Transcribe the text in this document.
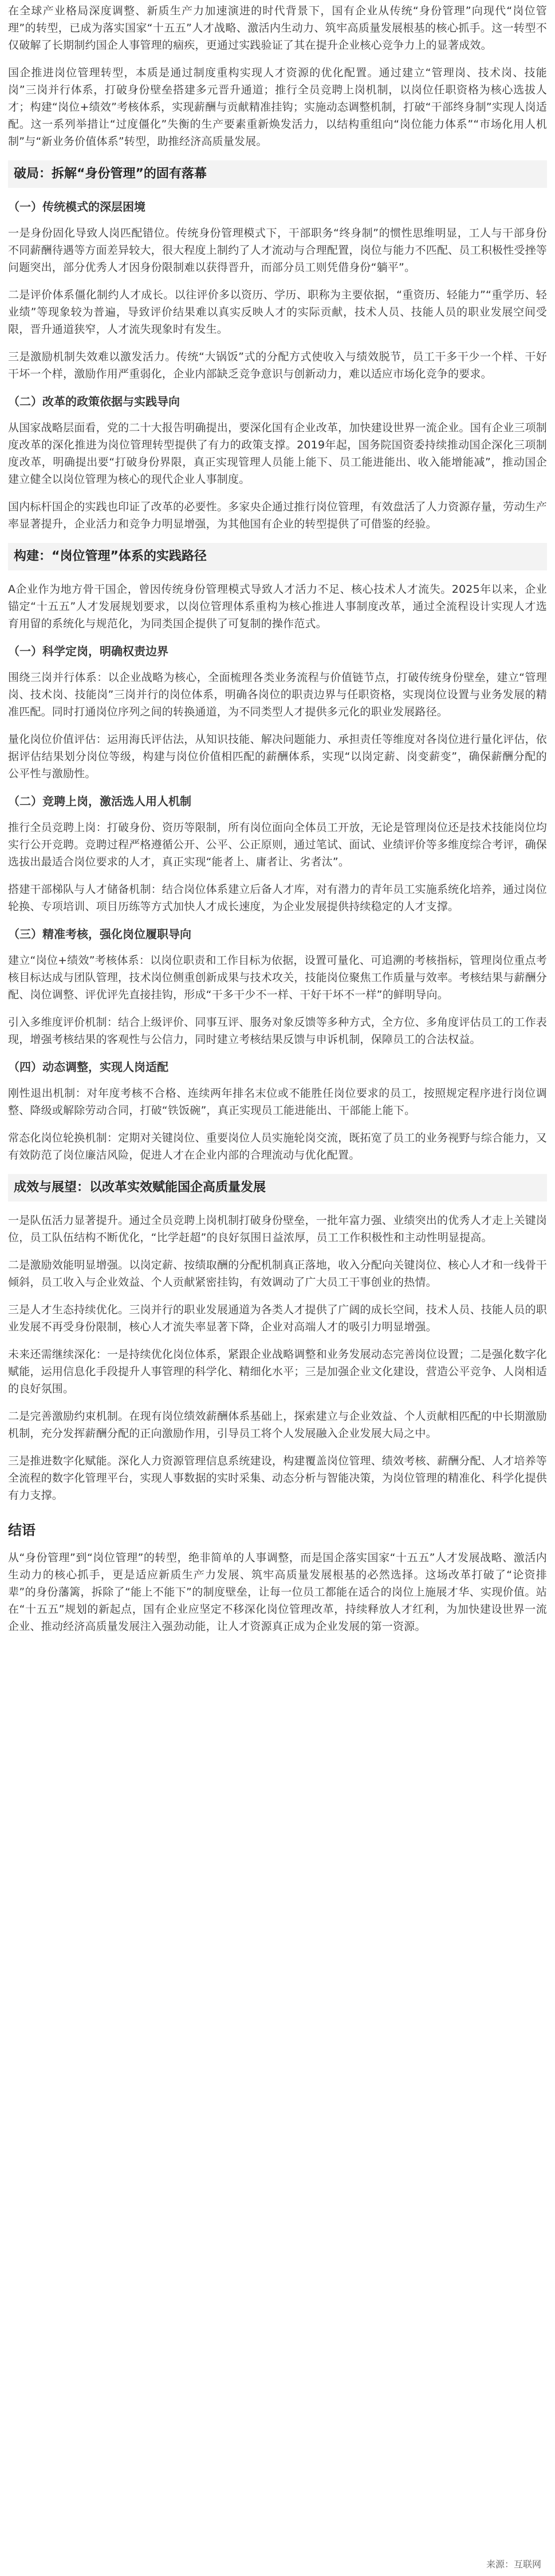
在全球产业格局深度调整、新质生产力加速演进的时代背景下，国有企业从传统“身份管理”向现代“岗位管理”的转型，已成为落实国家“十五五”人才战略、激活内生动力、筑牢高质量发展根基的核心抓手。这一转型不仅破解了长期制约国企人事管理的痼疾，更通过实践验证了其在提升企业核心竞争力上的显著成效。

国企推进岗位管理转型，本质是通过制度重构实现人才资源的优化配置。通过建立“管理岗、技术岗、技能岗”三岗并行体系，打破身份壁垒搭建多元晋升通道；推行全员竞聘上岗机制，以岗位任职资格为核心选拔人才；构建“岗位+绩效”考核体系，实现薪酬与贡献精准挂钩；实施动态调整机制，打破“干部终身制”实现人岗适配。这一系列举措让“过度僵化”失衡的生产要素重新焕发活力，以结构重组向“岗位能力体系”“市场化用人机制”与“新业务价值体系”转型，助推经济高质量发展。

破局：拆解“身份管理”的固有落幕
（一）传统模式的深层困境

一是身份固化导致人岗匹配错位。传统身份管理模式下，干部职务“终身制”的惯性思维明显，工人与干部身份不同薪酬待遇等方面差异较大，很大程度上制约了人才流动与合理配置，岗位与能力不匹配、员工积极性受挫等问题突出，部分优秀人才因身份限制难以获得晋升，而部分员工则凭借身份“躺平”。

二是评价体系僵化制约人才成长。以往评价多以资历、学历、职称为主要依据，“重资历、轻能力”“重学历、轻业绩”等现象较为普遍，导致评价结果难以真实反映人才的实际贡献，技术人员、技能人员的职业发展空间受限，晋升通道狭窄，人才流失现象时有发生。

三是激励机制失效难以激发活力。传统“大锅饭”式的分配方式使收入与绩效脱节，员工干多干少一个样、干好干坏一个样，激励作用严重弱化，企业内部缺乏竞争意识与创新动力，难以适应市场化竞争的要求。

（二）改革的政策依据与实践导向

从国家战略层面看，党的二十大报告明确提出，要深化国有企业改革，加快建设世界一流企业。国有企业三项制度改革的深化推进为岗位管理转型提供了有力的政策支撑。2019年起，国务院国资委持续推动国企深化三项制度改革，明确提出要“打破身份界限，真正实现管理人员能上能下、员工能进能出、收入能增能减”，推动国企建立健全以岗位管理为核心的现代企业人事制度。

国内标杆国企的实践也印证了改革的必要性。多家央企通过推行岗位管理，有效盘活了人力资源存量，劳动生产率显著提升，企业活力和竞争力明显增强，为其他国有企业的转型提供了可借鉴的经验。

构建：“岗位管理”体系的实践路径

A企业作为地方骨干国企，曾因传统身份管理模式导致人才活力不足、核心技术人才流失。2025年以来，企业锚定“十五五”人才发展规划要求，以岗位管理体系重构为核心推进人事制度改革，通过全流程设计实现人才选育用留的系统化与规范化，为同类国企提供了可复制的操作范式。

（一）科学定岗，明确权责边界

围绕三岗并行体系：以企业战略为核心，全面梳理各类业务流程与价值链节点，打破传统身份壁垒，建立“管理岗、技术岗、技能岗”三岗并行的岗位体系，明确各岗位的职责边界与任职资格，实现岗位设置与业务发展的精准匹配。同时打通岗位序列之间的转换通道，为不同类型人才提供多元化的职业发展路径。

量化岗位价值评估：运用海氏评估法，从知识技能、解决问题能力、承担责任等维度对各岗位进行量化评估，依据评估结果划分岗位等级，构建与岗位价值相匹配的薪酬体系，实现“以岗定薪、岗变薪变”，确保薪酬分配的公平性与激励性。

（二）竞聘上岗，激活选人用人机制

推行全员竞聘上岗：打破身份、资历等限制，所有岗位面向全体员工开放，无论是管理岗位还是技术技能岗位均实行公开竞聘。竞聘过程严格遵循公开、公平、公正原则，通过笔试、面试、业绩评价等多维度综合考评，确保选拔出最适合岗位要求的人才，真正实现“能者上、庸者让、劣者汰”。

搭建干部梯队与人才储备机制：结合岗位体系建立后备人才库，对有潜力的青年员工实施系统化培养，通过岗位轮换、专项培训、项目历练等方式加快人才成长速度，为企业发展提供持续稳定的人才支撑。

（三）精准考核，强化岗位履职导向

建立“岗位+绩效”考核体系：以岗位职责和工作目标为依据，设置可量化、可追溯的考核指标，管理岗位重点考核目标达成与团队管理，技术岗位侧重创新成果与技术攻关，技能岗位聚焦工作质量与效率。考核结果与薪酬分配、岗位调整、评优评先直接挂钩，形成“干多干少不一样、干好干坏不一样”的鲜明导向。

引入多维度评价机制：结合上级评价、同事互评、服务对象反馈等多种方式，全方位、多角度评估员工的工作表现，增强考核结果的客观性与公信力，同时建立考核结果反馈与申诉机制，保障员工的合法权益。

（四）动态调整，实现人岗适配

刚性退出机制：对年度考核不合格、连续两年排名末位或不能胜任岗位要求的员工，按照规定程序进行岗位调整、降级或解除劳动合同，打破“铁饭碗”，真正实现员工能进能出、干部能上能下。

常态化岗位轮换机制：定期对关键岗位、重要岗位人员实施轮岗交流，既拓宽了员工的业务视野与综合能力，又有效防范了岗位廉洁风险，促进人才在企业内部的合理流动与优化配置。

成效与展望：以改革实效赋能国企高质量发展

一是队伍活力显著提升。通过全员竞聘上岗机制打破身份壁垒，一批年富力强、业绩突出的优秀人才走上关键岗位，员工队伍结构不断优化，“比学赶超”的良好氛围日益浓厚，员工工作积极性和主动性明显提高。

二是激励效能明显增强。以岗定薪、按绩取酬的分配机制真正落地，收入分配向关键岗位、核心人才和一线骨干倾斜，员工收入与企业效益、个人贡献紧密挂钩，有效调动了广大员工干事创业的热情。

三是人才生态持续优化。三岗并行的职业发展通道为各类人才提供了广阔的成长空间，技术人员、技能人员的职业发展不再受身份限制，核心人才流失率显著下降，企业对高端人才的吸引力明显增强。

未来还需继续深化：一是持续优化岗位体系，紧跟企业战略调整和业务发展动态完善岗位设置；二是强化数字化赋能，运用信息化手段提升人事管理的科学化、精细化水平；三是加强企业文化建设，营造公平竞争、人岗相适的良好氛围。

二是完善激励约束机制。在现有岗位绩效薪酬体系基础上，探索建立与企业效益、个人贡献相匹配的中长期激励机制，充分发挥薪酬分配的正向激励作用，引导员工将个人发展融入企业发展大局之中。

三是推进数字化赋能。深化人力资源管理信息系统建设，构建覆盖岗位管理、绩效考核、薪酬分配、人才培养等全流程的数字化管理平台，实现人事数据的实时采集、动态分析与智能决策，为岗位管理的精准化、科学化提供有力支撑。

结语

从“身份管理”到“岗位管理”的转型，绝非简单的人事调整，而是国企落实国家“十五五”人才发展战略、激活内生动力的核心抓手，更是适应新质生产力发展、筑牢高质量发展根基的必然选择。这场改革打破了“论资排辈”的身份藩篱，拆除了“能上不能下”的制度壁垒，让每一位员工都能在适合的岗位上施展才华、实现价值。站在“十五五”规划的新起点，国有企业应坚定不移深化岗位管理改革，持续释放人才红利，为加快建设世界一流企业、推动经济高质量发展注入强劲动能，让人才资源真正成为企业发展的第一资源。

来源：互联网
